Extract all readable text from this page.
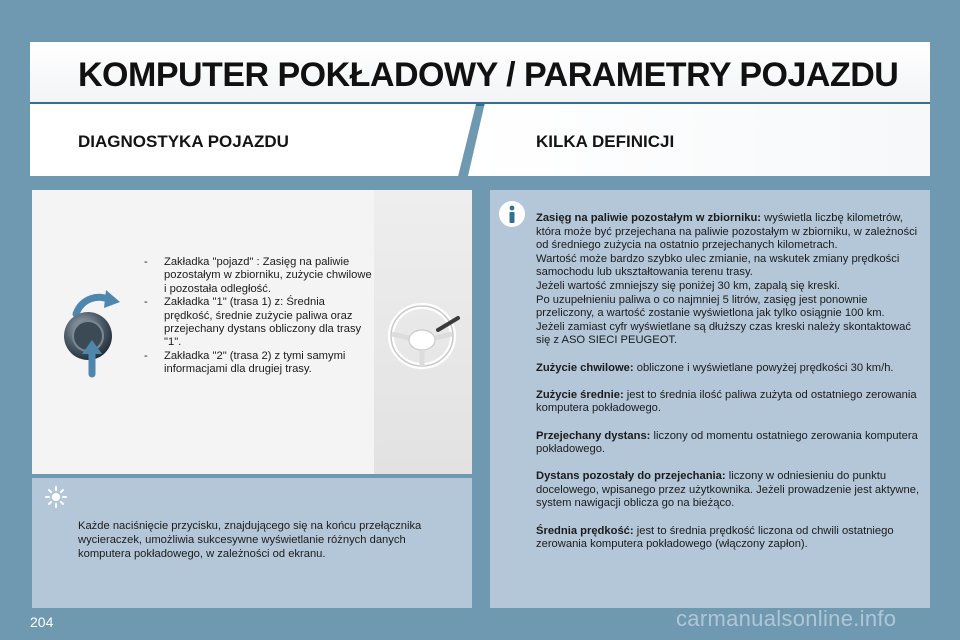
KOMPUTER POKŁADOWY / PARAMETRY POJAZDU
DIAGNOSTYKA POJAZDU	KILKA DEFINICJI
- Zakładka "pojazd" : Zasięg na paliwie pozostałym w zbiorniku, zużycie chwilowe i pozostała odległość.
- Zakładka "1" (trasa 1) z: Średnia prędkość, średnie zużycie paliwa oraz przejechany dystans obliczony dla trasy "1".
- Zakładka "2" (trasa 2) z tymi samymi informacjami dla drugiej trasy.
Każde naciśnięcie przycisku, znajdującego się na końcu przełącznika wycieraczek, umożliwia sukcesywne wyświetlanie różnych danych komputera pokładowego, w zależności od ekranu.

Zasięg na paliwie pozostałym w zbiorniku: wyświetla liczbę kilometrów, która może być przejechana na paliwie pozostałym w zbiorniku, w zależności od średniego zużycia na ostatnio przejechanych kilometrach.
Wartość może bardzo szybko ulec zmianie, na wskutek zmiany prędkości samochodu lub ukształtowania terenu trasy.
Jeżeli wartość zmniejszy się poniżej 30 km, zapalą się kreski.
Po uzupełnieniu paliwa o co najmniej 5 litrów, zasięg jest ponownie przeliczony, a wartość zostanie wyświetlona jak tylko osiągnie 100 km.
Jeżeli zamiast cyfr wyświetlane są dłuższy czas kreski należy skontaktować się z ASO SIECI PEUGEOT.

Zużycie chwilowe: obliczone i wyświetlane powyżej prędkości 30 km/h.

Zużycie średnie: jest to średnia ilość paliwa zużyta od ostatniego zerowania komputera pokładowego.

Przejechany dystans: liczony od momentu ostatniego zerowania komputera pokładowego.

Dystans pozostały do przejechania: liczony w odniesieniu do punktu docelowego, wpisanego przez użytkownika. Jeżeli prowadzenie jest aktywne, system nawigacji oblicza go na bieżąco.

Średnia prędkość: jest to średnia prędkość liczona od chwili ostatniego zerowania komputera pokładowego (włączony zapłon).

204	carmanualsonline.info
